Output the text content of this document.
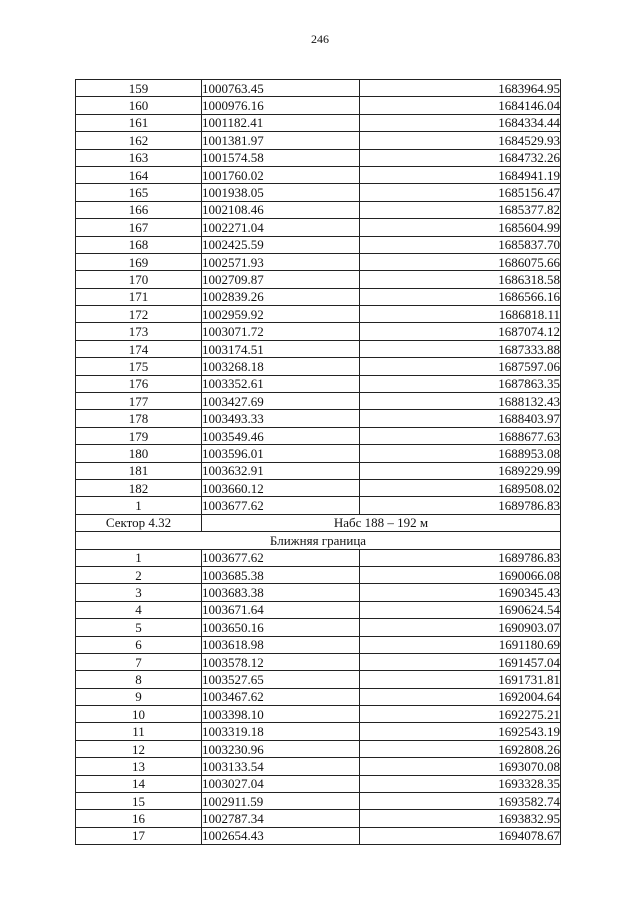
246
159	1000763.45	1683964.95
160	1000976.16	1684146.04
161	1001182.41	1684334.44
162	1001381.97	1684529.93
163	1001574.58	1684732.26
164	1001760.02	1684941.19
165	1001938.05	1685156.47
166	1002108.46	1685377.82
167	1002271.04	1685604.99
168	1002425.59	1685837.70
169	1002571.93	1686075.66
170	1002709.87	1686318.58
171	1002839.26	1686566.16
172	1002959.92	1686818.11
173	1003071.72	1687074.12
174	1003174.51	1687333.88
175	1003268.18	1687597.06
176	1003352.61	1687863.35
177	1003427.69	1688132.43
178	1003493.33	1688403.97
179	1003549.46	1688677.63
180	1003596.01	1688953.08
181	1003632.91	1689229.99
182	1003660.12	1689508.02
1	1003677.62	1689786.83
Сектор 4.32	Набс 188 – 192 м	
Ближняя граница		
1	1003677.62	1689786.83
2	1003685.38	1690066.08
3	1003683.38	1690345.43
4	1003671.64	1690624.54
5	1003650.16	1690903.07
6	1003618.98	1691180.69
7	1003578.12	1691457.04
8	1003527.65	1691731.81
9	1003467.62	1692004.64
10	1003398.10	1692275.21
11	1003319.18	1692543.19
12	1003230.96	1692808.26
13	1003133.54	1693070.08
14	1003027.04	1693328.35
15	1002911.59	1693582.74
16	1002787.34	1693832.95
17	1002654.43	1694078.67
